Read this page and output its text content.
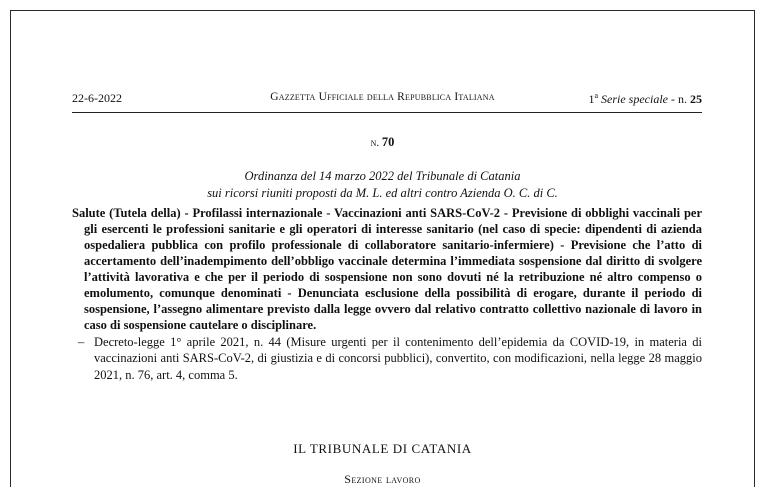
22-6-2022	Gazzetta Ufficiale della Repubblica Italiana	1$^a$ Serie speciale - n. 25
n. 70
Ordinanza del 14 marzo 2022 del Tribunale di Catania
sui ricorsi riuniti proposti da M. L. ed altri contro Azienda O. C. di C.

Salute (Tutela della) - Profilassi internazionale - Vaccinazioni anti SARS-CoV-2 - Previsione di obblighi vaccinali per gli esercenti le professioni sanitarie e gli operatori di interesse sanitario (nel caso di specie: dipendenti di azienda ospedaliera pubblica con profilo professionale di collaboratore sanitario-infermiere) - Previsione che l’atto di accertamento dell’inadempimento dell’obbligo vaccinale determina l’immediata sospensione dal diritto di svolgere l’attività lavorativa e che per il periodo di sospensione non sono dovuti né la retribuzione né altro compenso o emolumento, comunque denominati - Denunciata esclusione della possibilità di erogare, durante il periodo di sospensione, l’assegno alimentare previsto dalla legge ovvero dal relativo contratto collettivo nazionale di lavoro in caso di sospensione cautelare o disciplinare.

– Decreto-legge 1° aprile 2021, n. 44 (Misure urgenti per il contenimento dell’epidemia da COVID-19, in materia di vaccinazioni anti SARS-CoV-2, di giustizia e di concorsi pubblici), convertito, con modificazioni, nella legge 28 maggio 2021, n. 76, art. 4, comma 5.
IL TRIBUNALE DI CATANIA
Sezione lavoro
